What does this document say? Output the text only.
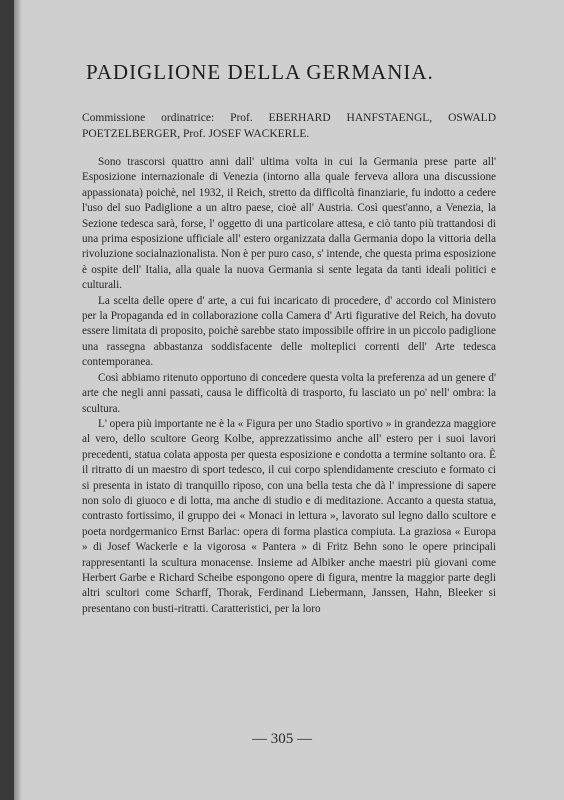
PADIGLIONE DELLA GERMANIA.

Commissione ordinatrice: Prof. EBERHARD HANFSTAENGL, OSWALD POETZELBERGER, Prof. JOSEF WACKERLE.

Sono trascorsi quattro anni dall' ultima volta in cui la Germania prese parte all' Esposizione internazionale di Venezia (intorno alla quale ferveva allora una discussione appassionata) poichè, nel 1932, il Reich, stretto da difficoltà finanziarie, fu indotto a cedere l'uso del suo Padiglione a un altro paese, cioè all' Austria. Così quest'anno, a Venezia, la Sezione tedesca sarà, forse, l' oggetto di una particolare attesa, e ciò tanto più trattandosi di una prima esposizione ufficiale all' estero organizzata dalla Germania dopo la vittoria della rivoluzione socialnazionalista. Non è per puro caso, s' intende, che questa prima esposizione è ospite dell' Italia, alla quale la nuova Germania si sente legata da tanti ideali politici e culturali.

La scelta delle opere d' arte, a cui fui incaricato di procedere, d' accordo col Ministero per la Propaganda ed in collaborazione colla Camera d' Arti figurative del Reich, ha dovuto essere limitata di proposito, poichè sarebbe stato impossibile offrire in un piccolo padiglione una rassegna abbastanza soddisfacente delle molteplici correnti dell' Arte tedesca contemporanea.

Così abbiamo ritenuto opportuno di concedere questa volta la preferenza ad un genere d' arte che negli anni passati, causa le difficoltà di trasporto, fu lasciato un po' nell' ombra: la scultura.

L' opera più importante ne è la « Figura per uno Stadio sportivo » in grandezza maggiore al vero, dello scultore Georg Kolbe, apprezzatissimo anche all' estero per i suoi lavori precedenti, statua colata apposta per questa esposizione e condotta a termine soltanto ora. È il ritratto di un maestro di sport tedesco, il cui corpo splendidamente cresciuto e formato ci si presenta in istato di tranquillo riposo, con una bella testa che dà l' impressione di sapere non solo di giuoco e di lotta, ma anche di studio e di meditazione. Accanto a questa statua, contrasto fortissimo, il gruppo dei « Monaci in lettura », lavorato sul legno dallo scultore e poeta nordgermanico Ernst Barlac: opera di forma plastica compiuta. La graziosa « Europa » di Josef Wackerle e la vigorosa « Pantera » di Fritz Behn sono le opere principali rappresentanti la scultura monacense. Insieme ad Albiker anche maestri più giovani come Herbert Garbe e Richard Scheibe espongono opere di figura, mentre la maggior parte degli altri scultori come Scharff, Thorak, Ferdinand Liebermann, Janssen, Hahn, Bleeker si presentano con busti-ritratti. Caratteristici, per la loro

— 305 —
